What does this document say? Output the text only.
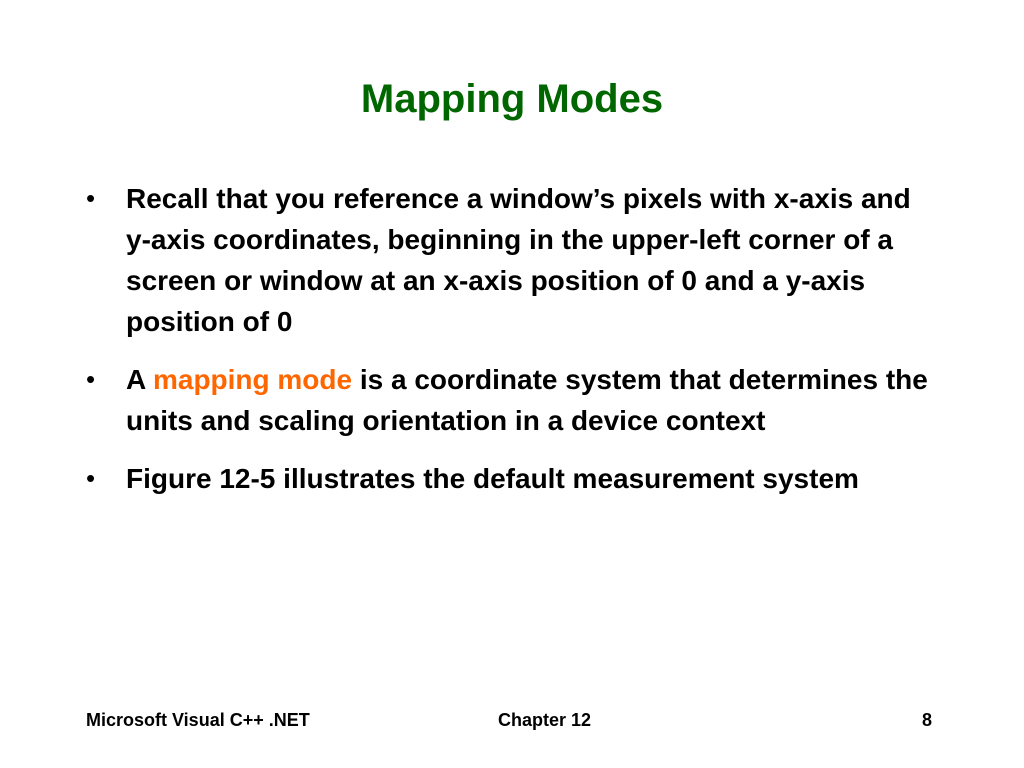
Mapping Modes
•	Recall that you reference a window’s pixels with x-axis and y-axis coordinates, beginning in the upper-left corner of a screen or window at an x-axis position of 0 and a y-axis position of 0
•	A mapping mode is a coordinate system that determines the units and scaling orientation in a device context
•	Figure 12-5 illustrates the default measurement system
Microsoft Visual C++ .NET	Chapter 12	8
